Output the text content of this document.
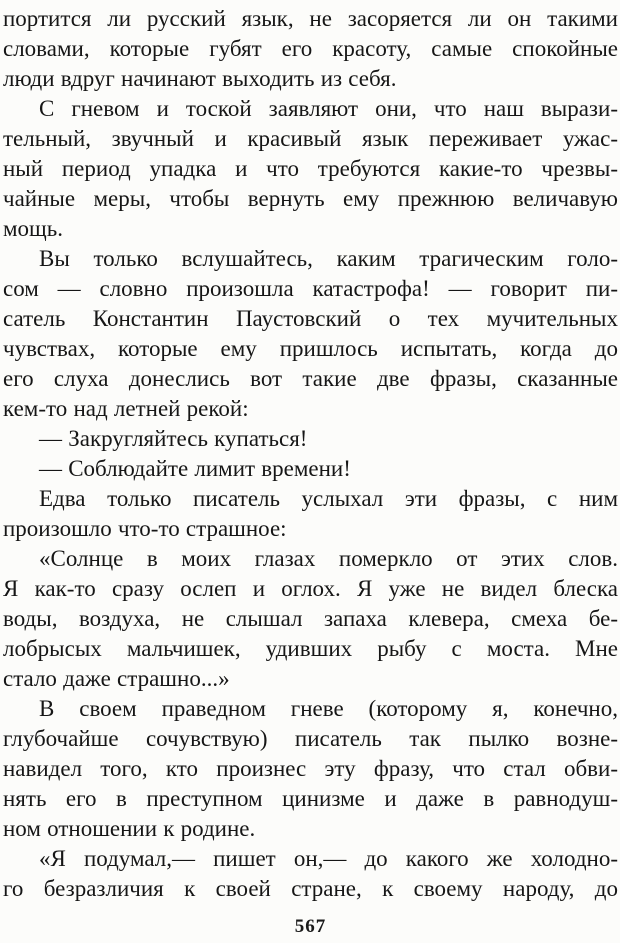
портится ли русский язык, не засоряется ли он такими
словами, которые губят его красоту, самые спокойные
люди вдруг начинают выходить из себя.
С гневом и тоской заявляют они, что наш вырази-
тельный, звучный и красивый язык переживает ужас-
ный период упадка и что требуются какие-то чрезвы-
чайные меры, чтобы вернуть ему прежнюю величавую
мощь.
Вы только вслушайтесь, каким трагическим голо-
сом — словно произошла катастрофа! — говорит пи-
сатель Константин Паустовский о тех мучительных
чувствах, которые ему пришлось испытать, когда до
его слуха донеслись вот такие две фразы, сказанные
кем-то над летней рекой:
— Закругляйтесь купаться!
— Соблюдайте лимит времени!
Едва только писатель услыхал эти фразы, с ним
произошло что-то страшное:
«Солнце в моих глазах померкло от этих слов.
Я как-то сразу ослеп и оглох. Я уже не видел блеска
воды, воздуха, не слышал запаха клевера, смеха бе-
лобрысых мальчишек, удивших рыбу с моста. Мне
стало даже страшно...»
В своем праведном гневе (которому я, конечно,
глубочайше сочувствую) писатель так пылко возне-
навидел того, кто произнес эту фразу, что стал обви-
нять его в преступном цинизме и даже в равнодуш-
ном отношении к родине.
«Я подумал,— пишет он,— до какого же холодно-
го безразличия к своей стране, к своему народу, до
567
